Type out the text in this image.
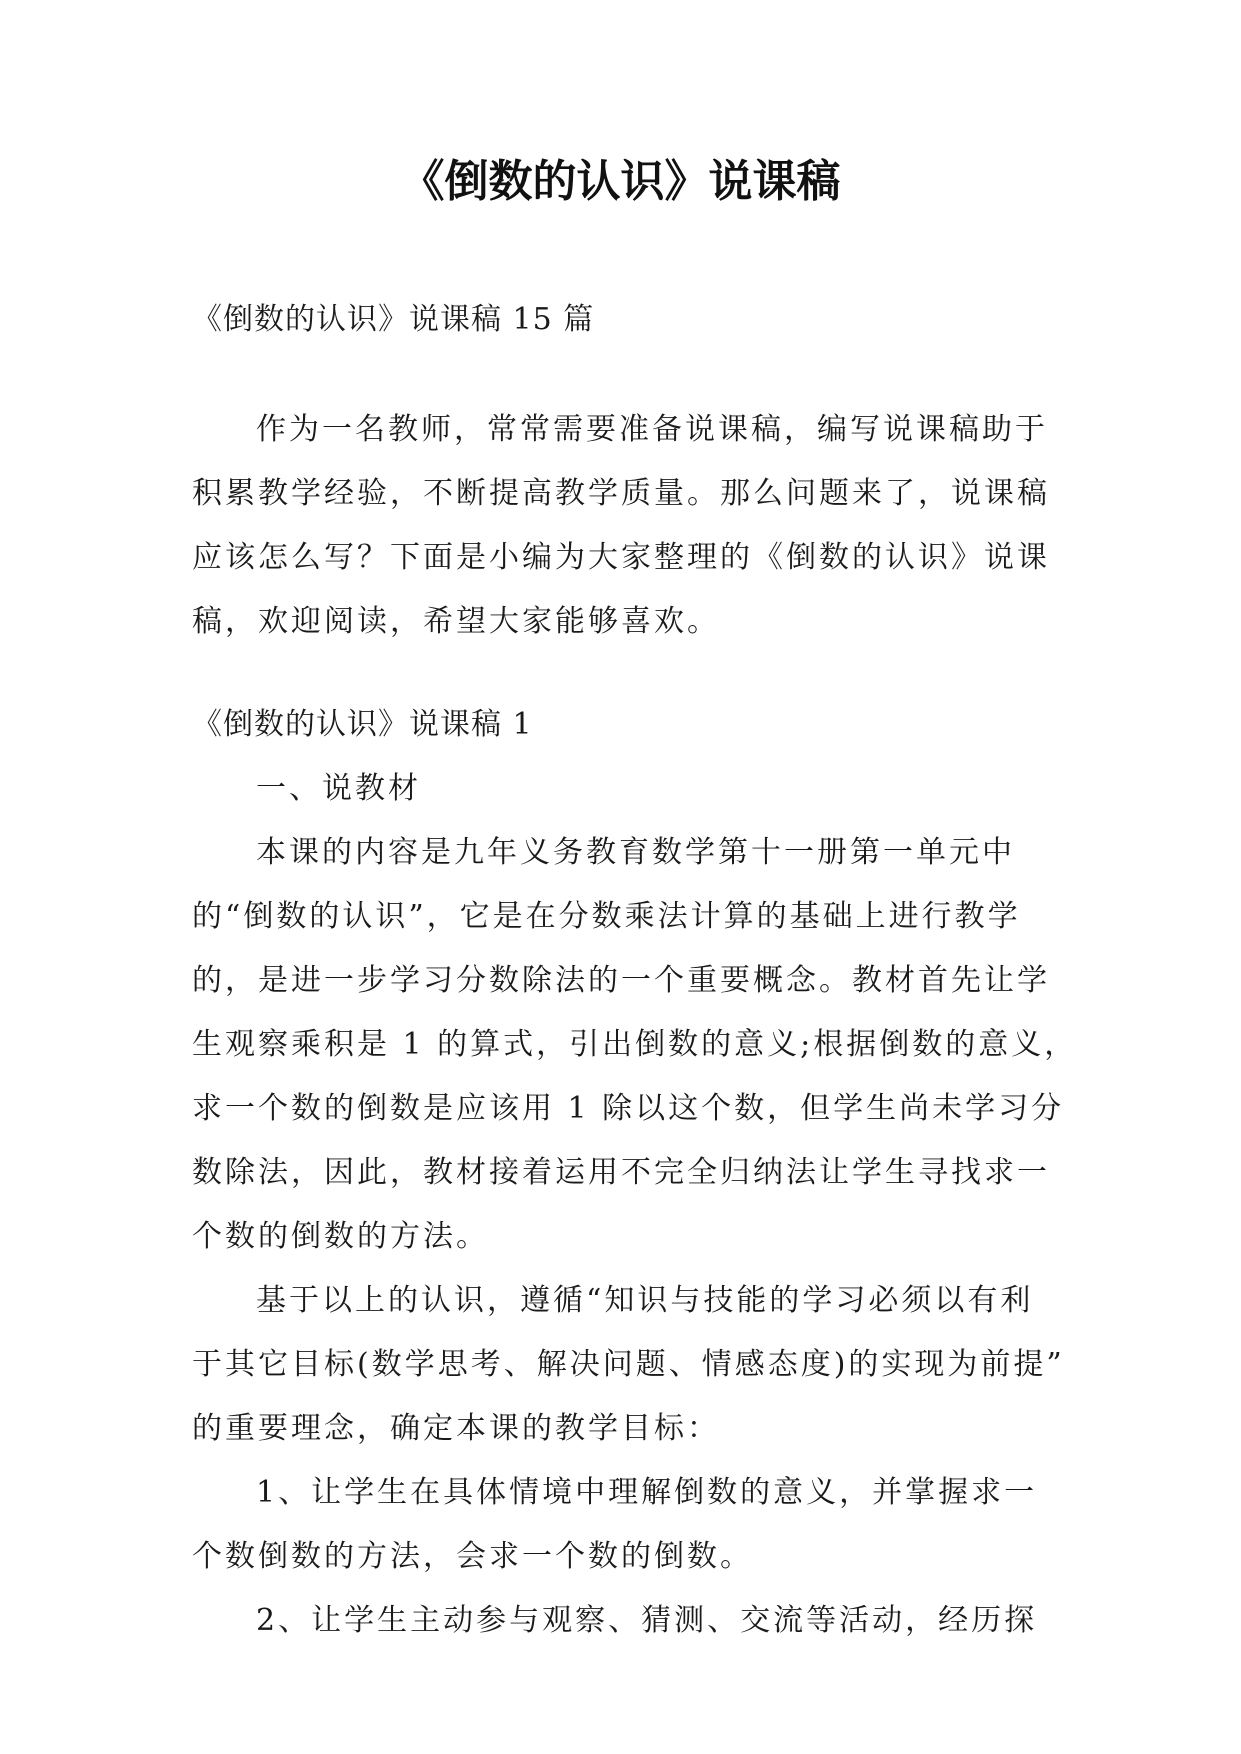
《倒数的认识》说课稿
《倒数的认识》说课稿 15 篇
作为一名教师，常常需要准备说课稿，编写说课稿助于
积累教学经验，不断提高教学质量。那么问题来了，说课稿
应该怎么写？下面是小编为大家整理的《倒数的认识》说课
稿，欢迎阅读，希望大家能够喜欢。
《倒数的认识》说课稿 1
一、说教材
本课的内容是九年义务教育数学第十一册第一单元中
的“倒数的认识”，它是在分数乘法计算的基础上进行教学
的，是进一步学习分数除法的一个重要概念。教材首先让学
生观察乘积是 1 的算式，引出倒数的意义;根据倒数的意义，
求一个数的倒数是应该用 1 除以这个数，但学生尚未学习分
数除法，因此，教材接着运用不完全归纳法让学生寻找求一
个数的倒数的方法。
基于以上的认识，遵循“知识与技能的学习必须以有利
于其它目标(数学思考、解决问题、情感态度)的实现为前提”
的重要理念，确定本课的教学目标：
1、让学生在具体情境中理解倒数的意义，并掌握求一
个数倒数的方法，会求一个数的倒数。
2、让学生主动参与观察、猜测、交流等活动，经历探
